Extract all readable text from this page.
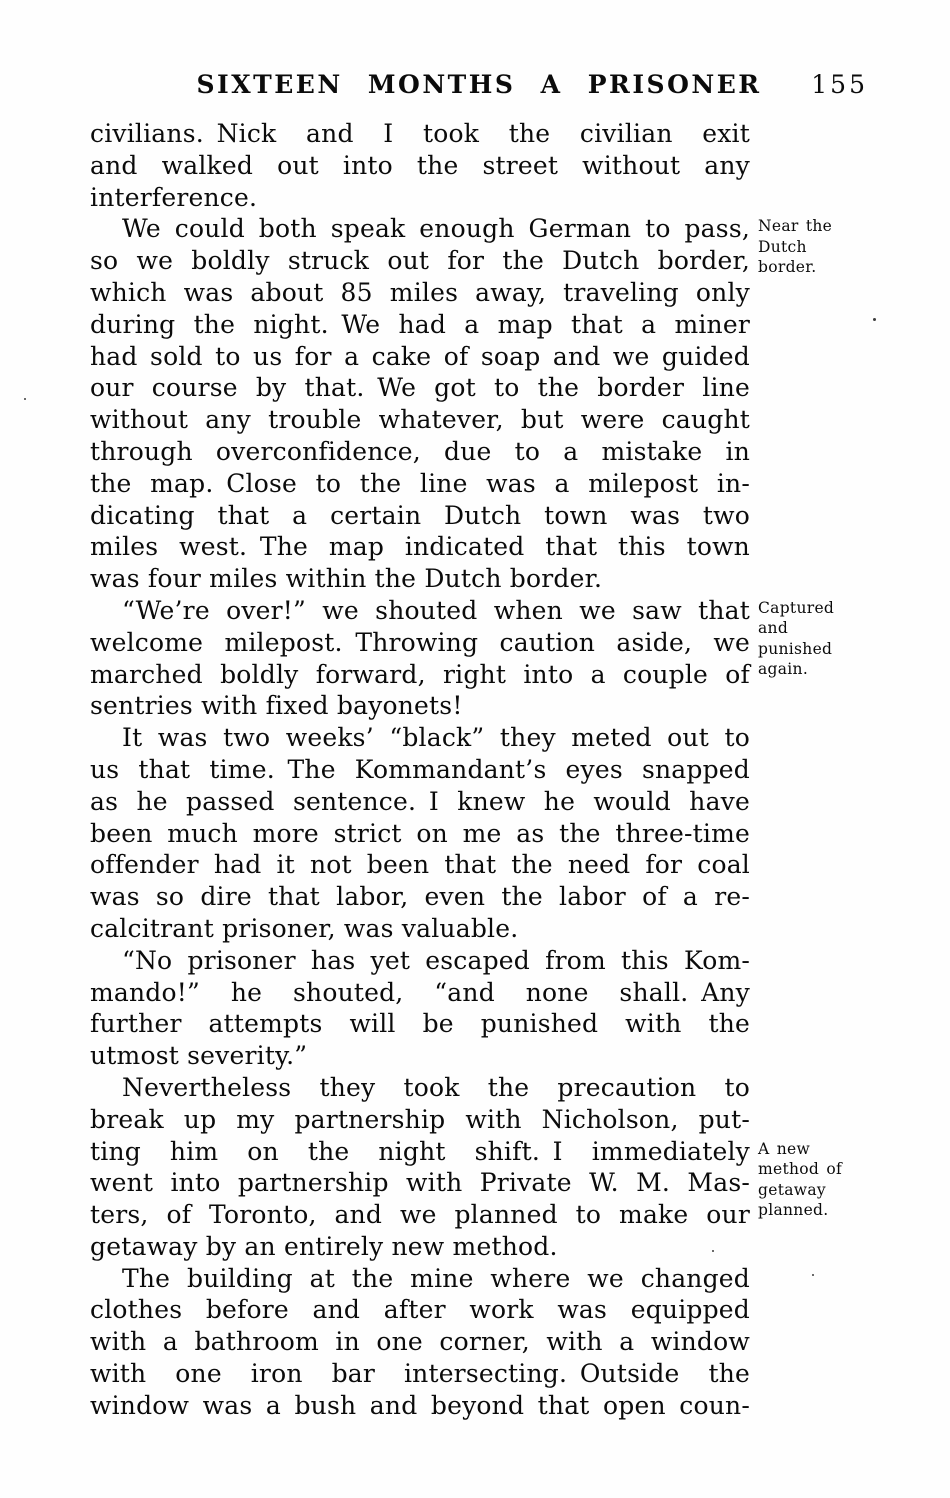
SIXTEEN MONTHS A PRISONER	155
civilians. Nick and I took the civilian exit
and walked out into the street without any
interference.
We could both speak enough German to pass,
so we boldly struck out for the Dutch border,
which was about 85 miles away, traveling only
during the night. We had a map that a miner
had sold to us for a cake of soap and we guided
our course by that. We got to the border line
without any trouble whatever, but were caught
through overconfidence, due to a mistake in
the map. Close to the line was a milepost in-
dicating that a certain Dutch town was two
miles west. The map indicated that this town
was four miles within the Dutch border.
Near the
Dutch
border.
“We’re over!” we shouted when we saw that
welcome milepost. Throwing caution aside, we
marched boldly forward, right into a couple of
sentries with fixed bayonets!
Captured
and
punished
again.
It was two weeks’ “black” they meted out to
us that time. The Kommandant’s eyes snapped
as he passed sentence. I knew he would have
been much more strict on me as the three-time
offender had it not been that the need for coal
was so dire that labor, even the labor of a re-
calcitrant prisoner, was valuable.
“No prisoner has yet escaped from this Kom-
mando!” he shouted, “and none shall. Any
further attempts will be punished with the
utmost severity.”
Nevertheless they took the precaution to
break up my partnership with Nicholson, put-
ting him on the night shift. I immediately
went into partnership with Private W. M. Mas-
ters, of Toronto, and we planned to make our
getaway by an entirely new method.
A new
method of
getaway
planned.
The building at the mine where we changed
clothes before and after work was equipped
with a bathroom in one corner, with a window
with one iron bar intersecting. Outside the
window was a bush and beyond that open coun-
